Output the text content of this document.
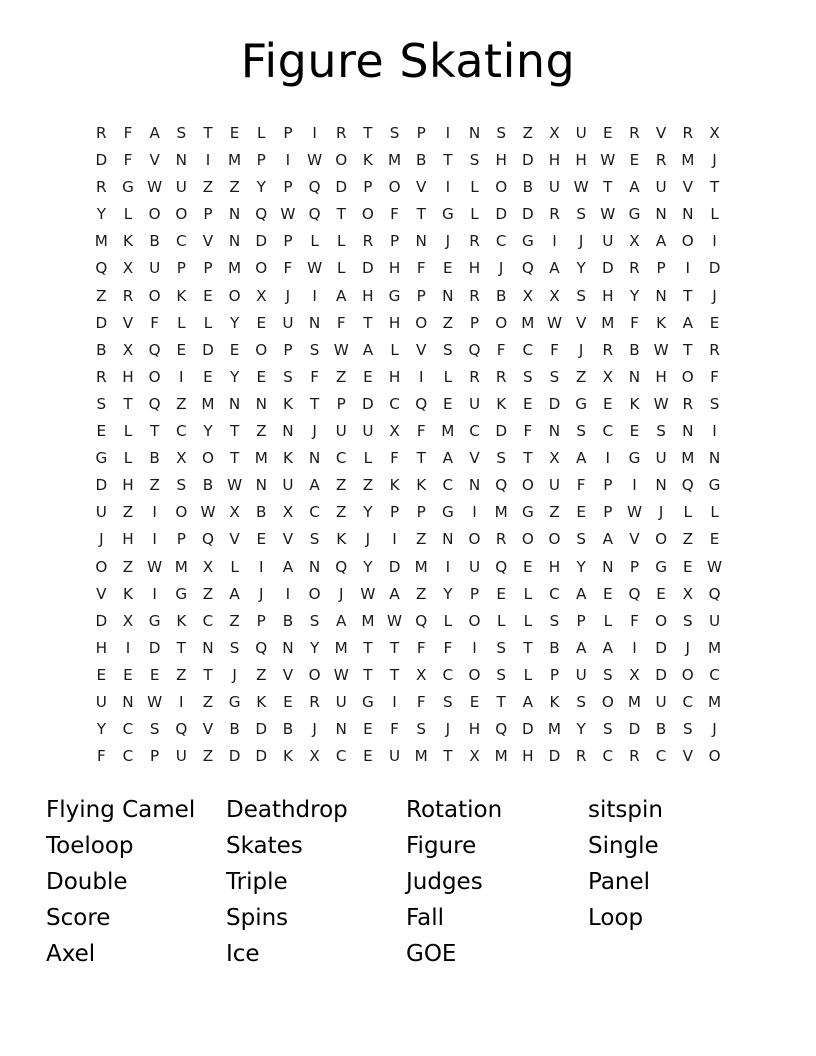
Figure Skating
R	F	A	S	T	E	L	P	I	R	T	S	P	I	N	S	Z	X	U	E	R	V	R	X
D	F	V	N	I	M	P	I	W	O	K	M	B	T	S	H	D	H	H	W	E	R	M	J
R	G	W	U	Z	Z	Y	P	Q	D	P	O	V	I	L	O	B	U	W	T	A	U	V	T
Y	L	O	O	P	N	Q	W	Q	T	O	F	T	G	L	D	D	R	S	W	G	N	N	L
M	K	B	C	V	N	D	P	L	L	R	P	N	J	R	C	G	I	J	U	X	A	O	I
Q	X	U	P	P	M	O	F	W	L	D	H	F	E	H	J	Q	A	Y	D	R	P	I	D
Z	R	O	K	E	O	X	J	I	A	H	G	P	N	R	B	X	X	S	H	Y	N	T	J
D	V	F	L	L	Y	E	U	N	F	T	H	O	Z	P	O	M	W	V	M	F	K	A	E
B	X	Q	E	D	E	O	P	S	W	A	L	V	S	Q	F	C	F	J	R	B	W	T	R
R	H	O	I	E	Y	E	S	F	Z	E	H	I	L	R	R	S	S	Z	X	N	H	O	F
S	T	Q	Z	M	N	N	K	T	P	D	C	Q	E	U	K	E	D	G	E	K	W	R	S
E	L	T	C	Y	T	Z	N	J	U	U	X	F	M	C	D	F	N	S	C	E	S	N	I
G	L	B	X	O	T	M	K	N	C	L	F	T	A	V	S	T	X	A	I	G	U	M	N
D	H	Z	S	B	W	N	U	A	Z	Z	K	K	C	N	Q	O	U	F	P	I	N	Q	G
U	Z	I	O	W	X	B	X	C	Z	Y	P	P	G	I	M	G	Z	E	P	W	J	L	L
J	H	I	P	Q	V	E	V	S	K	J	I	Z	N	O	R	O	O	S	A	V	O	Z	E
O	Z	W	M	X	L	I	A	N	Q	Y	D	M	I	U	Q	E	H	Y	N	P	G	E	W
V	K	I	G	Z	A	J	I	O	J	W	A	Z	Y	P	E	L	C	A	E	Q	E	X	Q
D	X	G	K	C	Z	P	B	S	A	M	W	Q	L	O	L	L	S	P	L	F	O	S	U
H	I	D	T	N	S	Q	N	Y	M	T	T	F	F	I	S	T	B	A	A	I	D	J	M
E	E	E	Z	T	J	Z	V	O	W	T	T	X	C	O	S	L	P	U	S	X	D	O	C
U	N	W	I	Z	G	K	E	R	U	G	I	F	S	E	T	A	K	S	O	M	U	C	M
Y	C	S	Q	V	B	D	B	J	N	E	F	S	J	H	Q	D	M	Y	S	D	B	S	J
F	C	P	U	Z	D	D	K	X	C	E	U	M	T	X	M	H	D	R	C	R	C	V	O
Flying Camel	Deathdrop	Rotation	sitspin
Toeloop	Skates	Figure	Single
Double	Triple	Judges	Panel
Score	Spins	Fall	Loop
Axel	Ice	GOE	
